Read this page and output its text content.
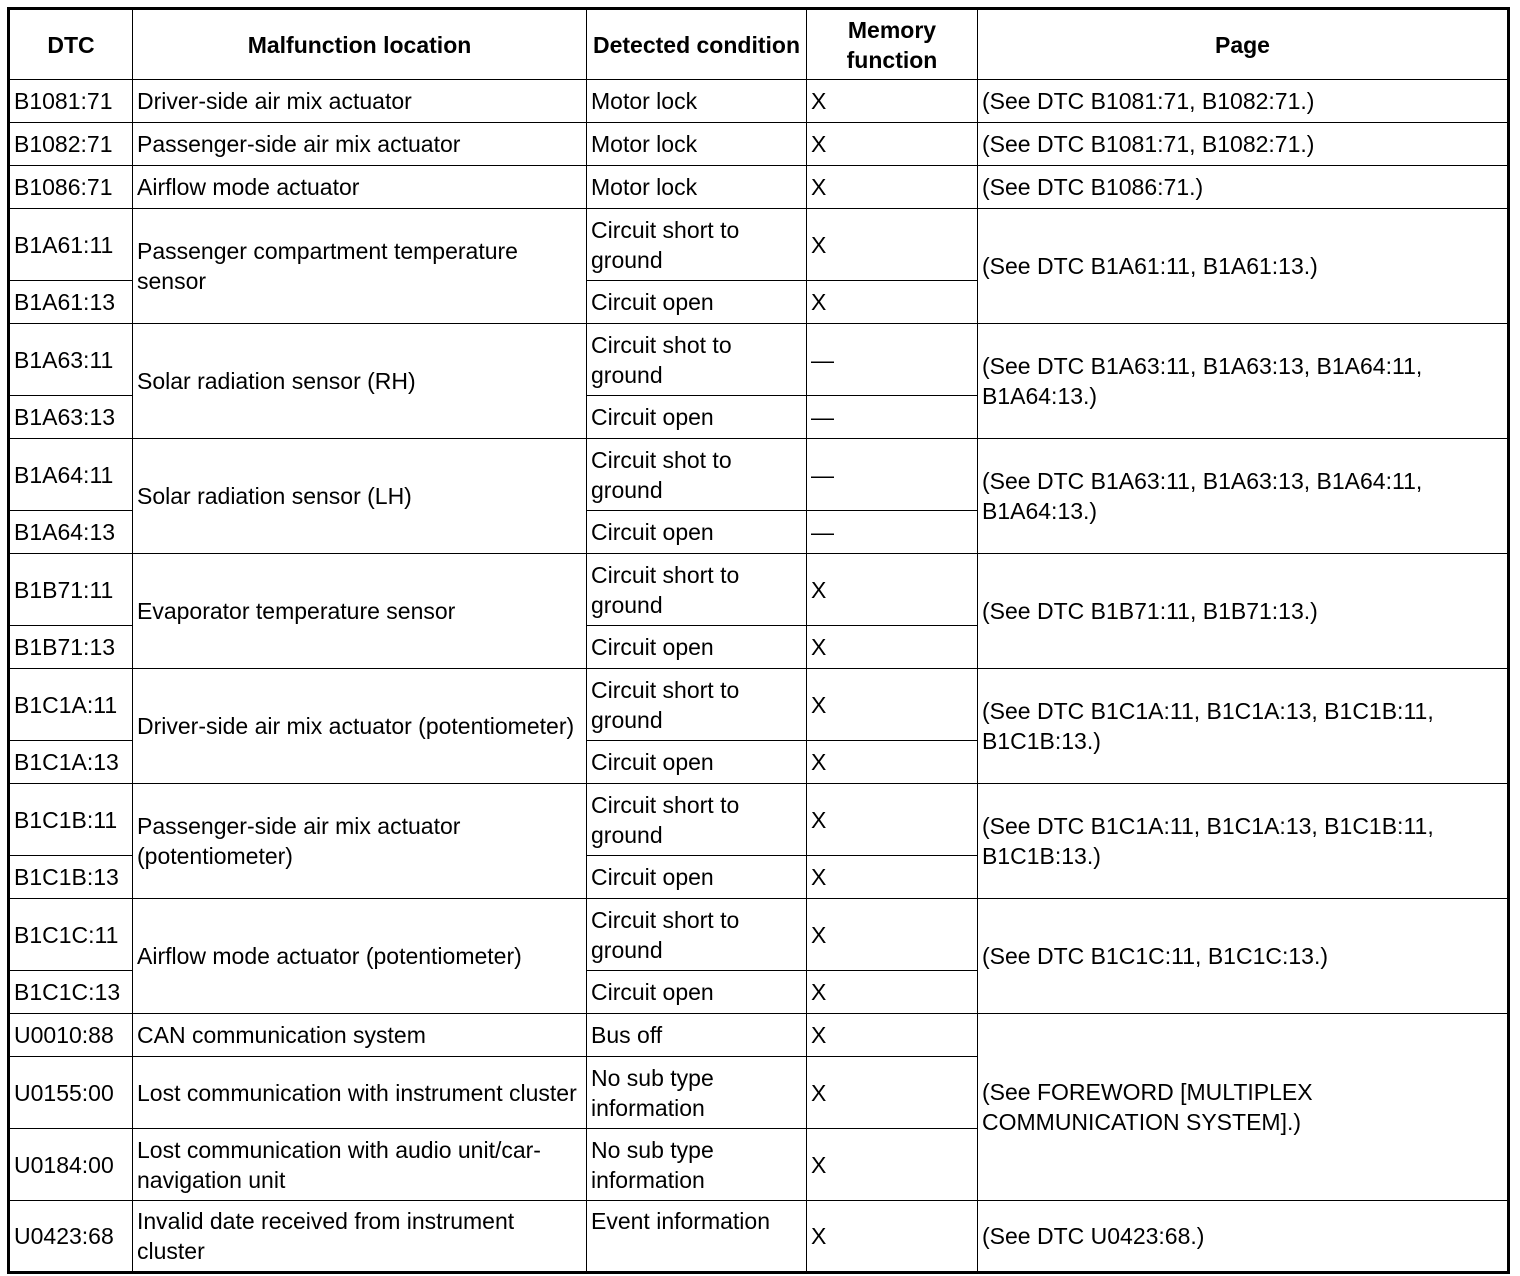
DTC	Malfunction location	Detected condition	Memory function	Page
B1081:71	Driver-side air mix actuator	Motor lock	X	(See DTC B1081:71, B1082:71.)
B1082:71	Passenger-side air mix actuator	Motor lock	X	(See DTC B1081:71, B1082:71.)
B1086:71	Airflow mode actuator	Motor lock	X	(See DTC B1086:71.)
B1A61:11	Passenger compartment temperature sensor	Circuit short to ground	X	(See DTC B1A61:11, B1A61:13.)
B1A61:13		Circuit open	X	
B1A63:11	Solar radiation sensor (RH)	Circuit shot to ground	—	(See DTC B1A63:11, B1A63:13, B1A64:11, B1A64:13.)
B1A63:13		Circuit open	—	
B1A64:11	Solar radiation sensor (LH)	Circuit shot to ground	—	(See DTC B1A63:11, B1A63:13, B1A64:11, B1A64:13.)
B1A64:13		Circuit open	—	
B1B71:11	Evaporator temperature sensor	Circuit short to ground	X	(See DTC B1B71:11, B1B71:13.)
B1B71:13		Circuit open	X	
B1C1A:11	Driver-side air mix actuator (potentiometer)	Circuit short to ground	X	(See DTC B1C1A:11, B1C1A:13, B1C1B:11, B1C1B:13.)
B1C1A:13		Circuit open	X	
B1C1B:11	Passenger-side air mix actuator (potentiometer)	Circuit short to ground	X	(See DTC B1C1A:11, B1C1A:13, B1C1B:11, B1C1B:13.)
B1C1B:13		Circuit open	X	
B1C1C:11	Airflow mode actuator (potentiometer)	Circuit short to ground	X	(See DTC B1C1C:11, B1C1C:13.)
B1C1C:13		Circuit open	X	
U0010:88	CAN communication system	Bus off	X	(See FOREWORD [MULTIPLEX COMMUNICATION SYSTEM].)
U0155:00	Lost communication with instrument cluster	No sub type information	X	
U0184:00	Lost communication with audio unit/car-navigation unit	No sub type information	X	
U0423:68	Invalid date received from instrument cluster	Event information	X	(See DTC U0423:68.)
